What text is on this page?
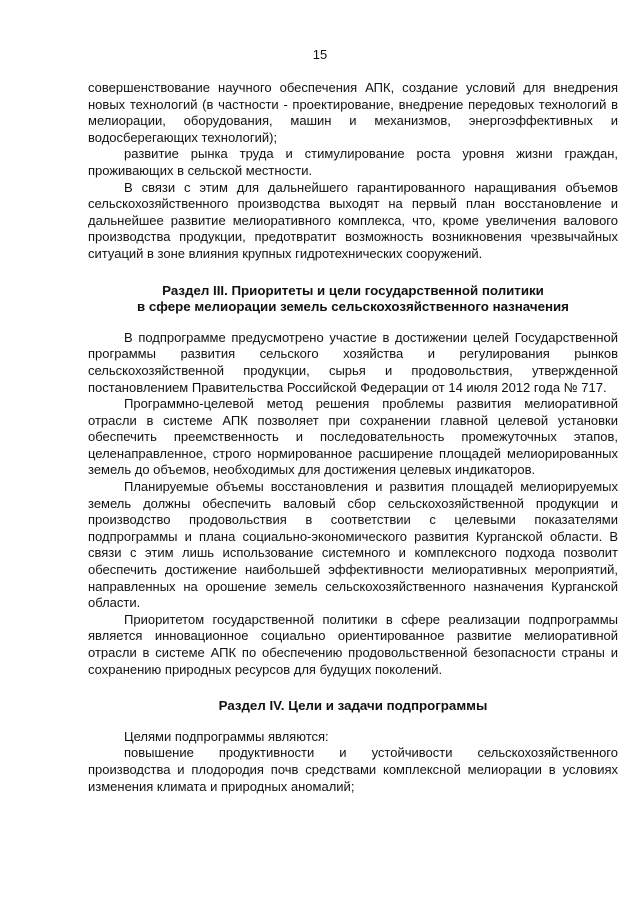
15

совершенствование научного обеспечения АПК, создание условий для внедрения новых технологий (в частности - проектирование, внедрение передовых технологий в мелиорации, оборудования, машин и механизмов, энергоэффективных и водосберегающих технологий);

развитие рынка труда и стимулирование роста уровня жизни граждан, проживающих в сельской местности.

В связи с этим для дальнейшего гарантированного наращивания объемов сельскохозяйственного производства выходят на первый план восстановление и дальнейшее развитие мелиоративного комплекса, что, кроме увеличения валового производства продукции, предотвратит возможность возникновения чрезвычайных ситуаций в зоне влияния крупных гидротехнических сооружений.

Раздел III. Приоритеты и цели государственной политики

в сфере мелиорации земель сельскохозяйственного назначения

В подпрограмме предусмотрено участие в достижении целей Государственной программы развития сельского хозяйства и регулирования рынков сельскохозяйственной продукции, сырья и продовольствия, утвержденной постановлением Правительства Российской Федерации от 14 июля 2012 года № 717.

Программно-целевой метод решения проблемы развития мелиоративной отрасли в системе АПК позволяет при сохранении главной целевой установки обеспечить преемственность и последовательность промежуточных этапов, целенаправленное, строго нормированное расширение площадей мелиорированных земель до объемов, необходимых для достижения целевых индикаторов.

Планируемые объемы восстановления и развития площадей мелиорируемых земель должны обеспечить валовый сбор сельскохозяйственной продукции и производство продовольствия в соответствии с целевыми показателями подпрограммы и плана социально-экономического развития Курганской области. В связи с этим лишь использование системного и комплексного подхода позволит обеспечить достижение наибольшей эффективности мелиоративных мероприятий, направленных на орошение земель сельскохозяйственного назначения Курганской области.

Приоритетом государственной политики в сфере реализации подпрограммы является инновационное социально ориентированное развитие мелиоративной отрасли в системе АПК по обеспечению продовольственной безопасности страны и сохранению природных ресурсов для будущих поколений.

Раздел IV. Цели и задачи подпрограммы

Целями подпрограммы являются:

повышение продуктивности и устойчивости сельскохозяйственного производства и плодородия почв средствами комплексной мелиорации в условиях изменения климата и природных аномалий;
